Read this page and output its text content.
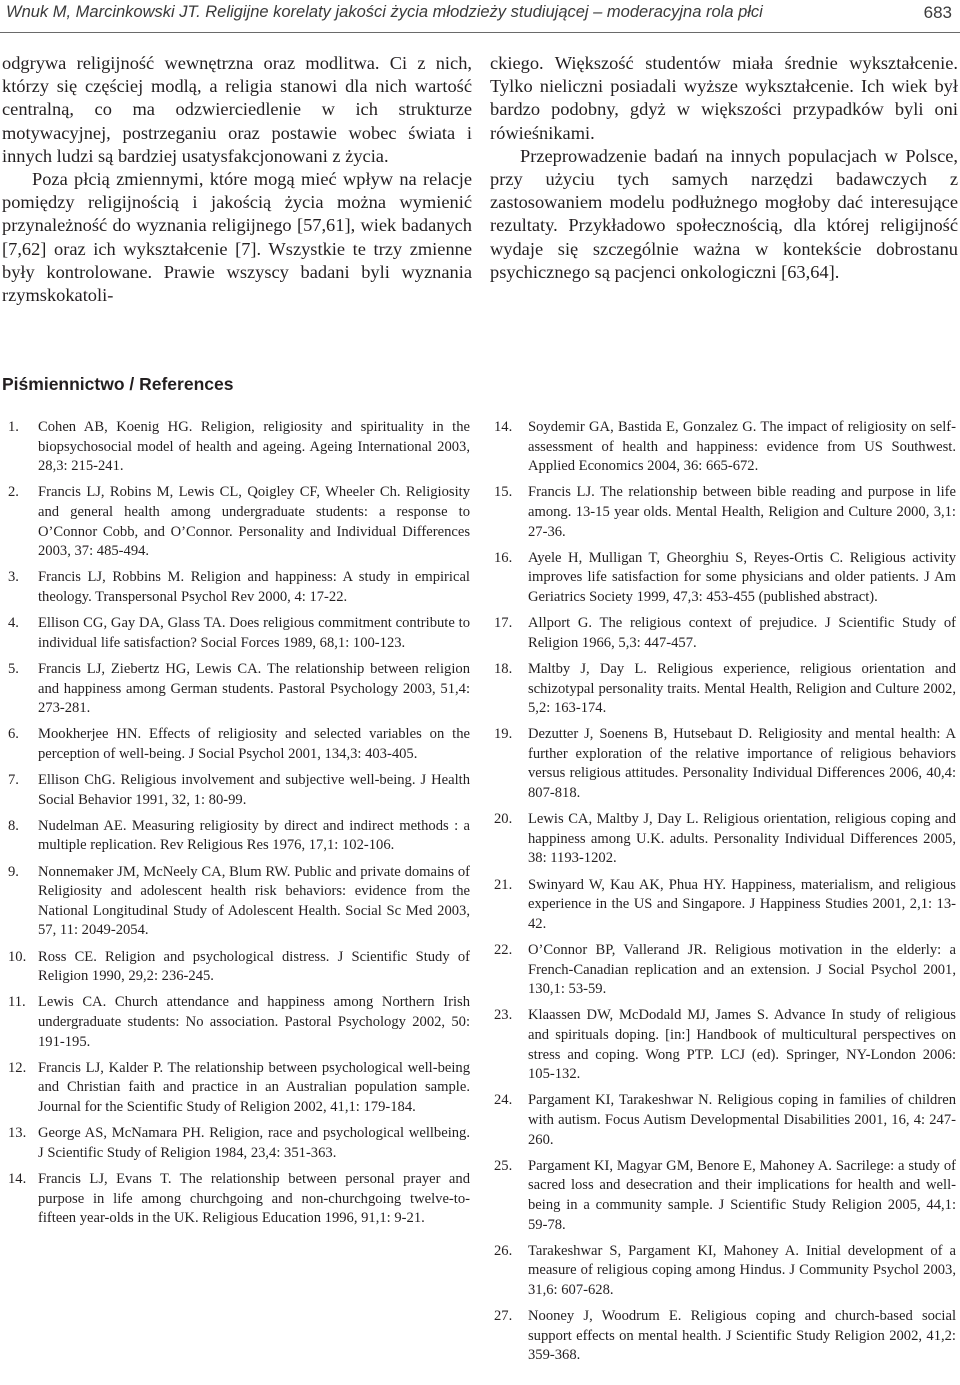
Wnuk M, Marcinkowski JT. Religijne korelaty jakości życia młodzieży studiującej – moderacyjna rola płci	683

odgrywa religijność wewnętrzna oraz modlitwa. Ci z nich, którzy się częściej modlą, a religia stanowi dla nich wartość centralną, co ma odzwierciedlenie w ich strukturze motywacyjnej, postrzeganiu oraz postawie wobec świata i innych ludzi są bardziej usatysfakcjonowani z życia.

Poza płcią zmiennymi, które mogą mieć wpływ na relacje pomiędzy religijnością i jakością życia można wymienić przynależność do wyznania religijnego [57,61], wiek badanych [7,62] oraz ich wykształcenie [7]. Wszystkie te trzy zmienne były kontrolowane. Prawie wszyscy badani byli wyznania rzymskokatoli-

ckiego. Większość studentów miała średnie wykształcenie. Tylko nieliczni posiadali wyższe wykształcenie. Ich wiek był bardzo podobny, gdyż w większości przypadków byli oni rówieśnikami.

Przeprowadzenie badań na innych populacjach w Polsce, przy użyciu tych samych narzędzi badawczych z zastosowaniem modelu podłużnego mogłoby dać interesujące rezultaty. Przykładowo społecznością, dla której religijność wydaje się szczególnie ważna w kontekście dobrostanu psychicznego są pacjenci onkologiczni [63,64].

Piśmiennictwo / References
1. Cohen AB, Koenig HG. Religion, religiosity and spirituality in the biopsychosocial model of health and ageing. Ageing International 2003, 28,3: 215-241.
2. Francis LJ, Robins M, Lewis CL, Qoigley CF, Wheeler Ch. Religiosity and general health among undergraduate students: a response to O’Connor Cobb, and O’Connor. Personality and Individual Differences 2003, 37: 485-494.
3. Francis LJ, Robbins M. Religion and happiness: A study in empirical theology. Transpersonal Psychol Rev 2000, 4: 17-22.
4. Ellison CG, Gay DA, Glass TA. Does religious commitment contribute to individual life satisfaction? Social Forces 1989, 68,1: 100-123.
5. Francis LJ, Ziebertz HG, Lewis CA. The relationship between religion and happiness among German students. Pastoral Psychology 2003, 51,4: 273-281.
6. Mookherjee HN. Effects of religiosity and selected variables on the perception of well-being. J Social Psychol 2001, 134,3: 403-405.
7. Ellison ChG. Religious involvement and subjective well-being. J Health Social Behavior 1991, 32, 1: 80-99.
8. Nudelman AE. Measuring religiosity by direct and indirect methods : a multiple replication. Rev Religious Res 1976, 17,1: 102-106.
9. Nonnemaker JM, McNeely CA, Blum RW. Public and private domains of Religiosity and adolescent health risk behaviors: evidence from the National Longitudinal Study of Adolescent Health. Social Sc Med 2003, 57, 11: 2049-2054.
10. Ross CE. Religion and psychological distress. J Scientific Study of Religion 1990, 29,2: 236-245.
11. Lewis CA. Church attendance and happiness among Northern Irish undergraduate students: No association. Pastoral Psychology 2002, 50: 191-195.
12. Francis LJ, Kalder P. The relationship between psychological well-being and Christian faith and practice in an Australian population sample. Journal for the Scientific Study of Religion 2002, 41,1: 179-184.
13. George AS, McNamara PH. Religion, race and psychological wellbeing. J Scientific Study of Religion 1984, 23,4: 351-363.
14. Francis LJ, Evans T. The relationship between personal prayer and purpose in life among churchgoing and non-churchgoing twelve-to-fifteen year-olds in the UK. Religious Education 1996, 91,1: 9-21.
14. Soydemir GA, Bastida E, Gonzalez G. The impact of religiosity on self-assessment of health and happiness: evidence from US Southwest. Applied Economics 2004, 36: 665-672.
15. Francis LJ. The relationship between bible reading and purpose in life among. 13-15 year olds. Mental Health, Religion and Culture 2000, 3,1: 27-36.
16. Ayele H, Mulligan T, Gheorghiu S, Reyes-Ortis C. Religious activity improves life satisfaction for some physicians and older patients. J Am Geriatrics Society 1999, 47,3: 453-455 (published abstract).
17. Allport G. The religious context of prejudice. J Scientific Study of Religion 1966, 5,3: 447-457.
18. Maltby J, Day L. Religious experience, religious orientation and schizotypal personality traits. Mental Health, Religion and Culture 2002, 5,2: 163-174.
19. Dezutter J, Soenens B, Hutsebaut D. Religiosity and mental health: A further exploration of the relative importance of religious behaviors versus religious attitudes. Personality Individual Differences 2006, 40,4: 807-818.
20. Lewis CA, Maltby J, Day L. Religious orientation, religious coping and happiness among U.K. adults. Personality Individual Differences 2005, 38: 1193-1202.
21. Swinyard W, Kau AK, Phua HY. Happiness, materialism, and religious experience in the US and Singapore. J Happiness Studies 2001, 2,1: 13-42.
22. O’Connor BP, Vallerand JR. Religious motivation in the elderly: a French-Canadian replication and an extension. J Social Psychol 2001, 130,1: 53-59.
23. Klaassen DW, McDodald MJ, James S. Advance In study of religious and spirituals doping. [in:] Handbook of multicultural perspectives on stress and coping. Wong PTP. LCJ (ed). Springer, NY-London 2006: 105-132.
24. Pargament KI, Tarakeshwar N. Religious coping in families of children with autism. Focus Autism Developmental Disabilities 2001, 16, 4: 247-260.
25. Pargament KI, Magyar GM, Benore E, Mahoney A. Sacrilege: a study of sacred loss and desecration and their implications for health and well-being in a community sample. J Scientific Study Religion 2005, 44,1: 59-78.
26. Tarakeshwar S, Pargament KI, Mahoney A. Initial development of a measure of religious coping among Hindus. J Community Psychol 2003, 31,6: 607-628.
27. Nooney J, Woodrum E. Religious coping and church-based social support effects on mental health. J Scientific Study Religion 2002, 41,2: 359-368.
